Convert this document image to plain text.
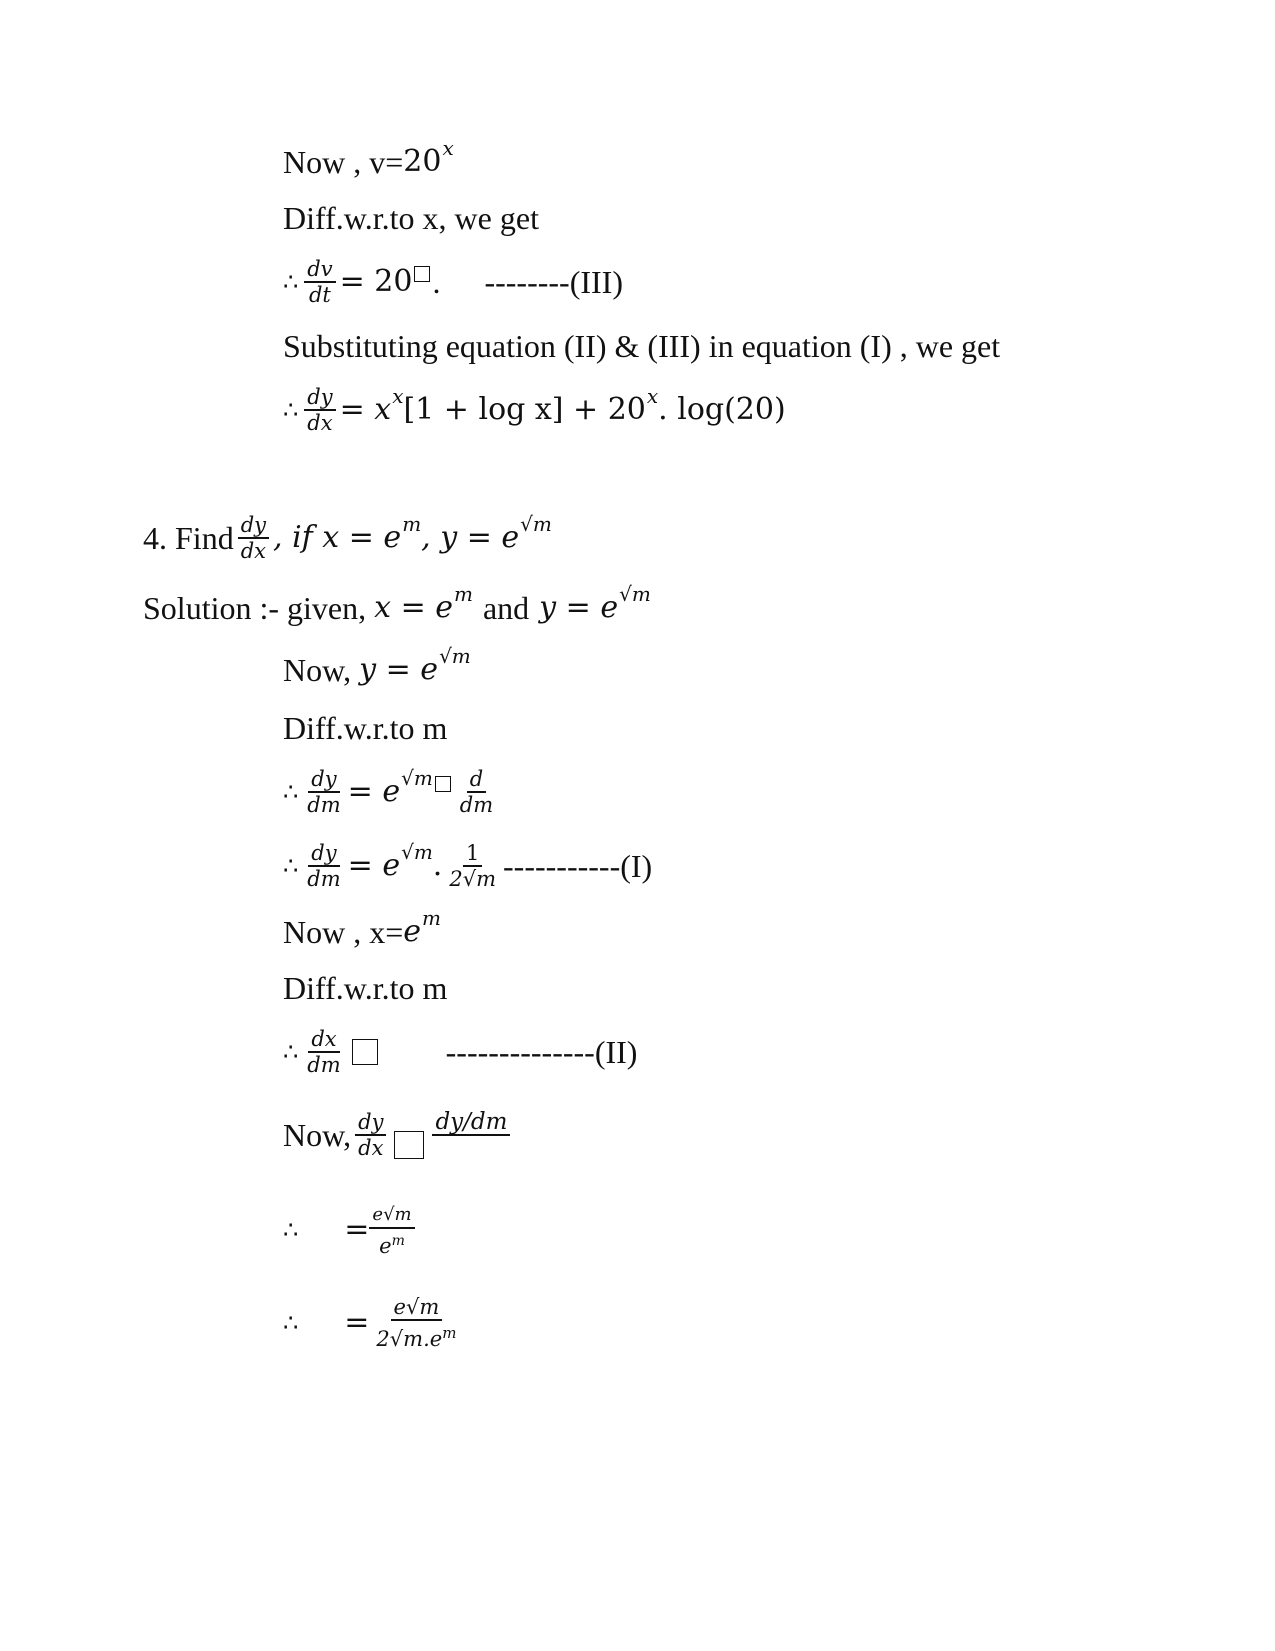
Now , v= 20 x
Diff.w.r.to x, we get
∴ $\frac{dv}{dt} = 20$ . --------(III)
Substituting equation (II) & (III) in equation (I) , we get
∴ $\frac{dy}{dx} = x$ x [1 + log x] + 20 x . log(20)
4. Find $\frac{dy}{dx}$ , if x = e m , y = e √m
Solution :- given, x = e m and y = e √m
Now, y = e √m
Diff.w.r.to m
∴ $\frac{dy}{dm} = e$ $√m \frac{d}{dm}$
∴ $\frac{dy}{dm} = e$ √m . $\frac{1}{2√m} -----------(I)$
Now , x= e m
Diff.w.r.to m
∴ $\frac{dx}{dm}$	--------------(II)
Now, $\frac{dy}{dx} dy/dm$
∴ = $\frac{e√m}{e^m}$
∴ = $\frac{e√m}{2√m.e^m}$
